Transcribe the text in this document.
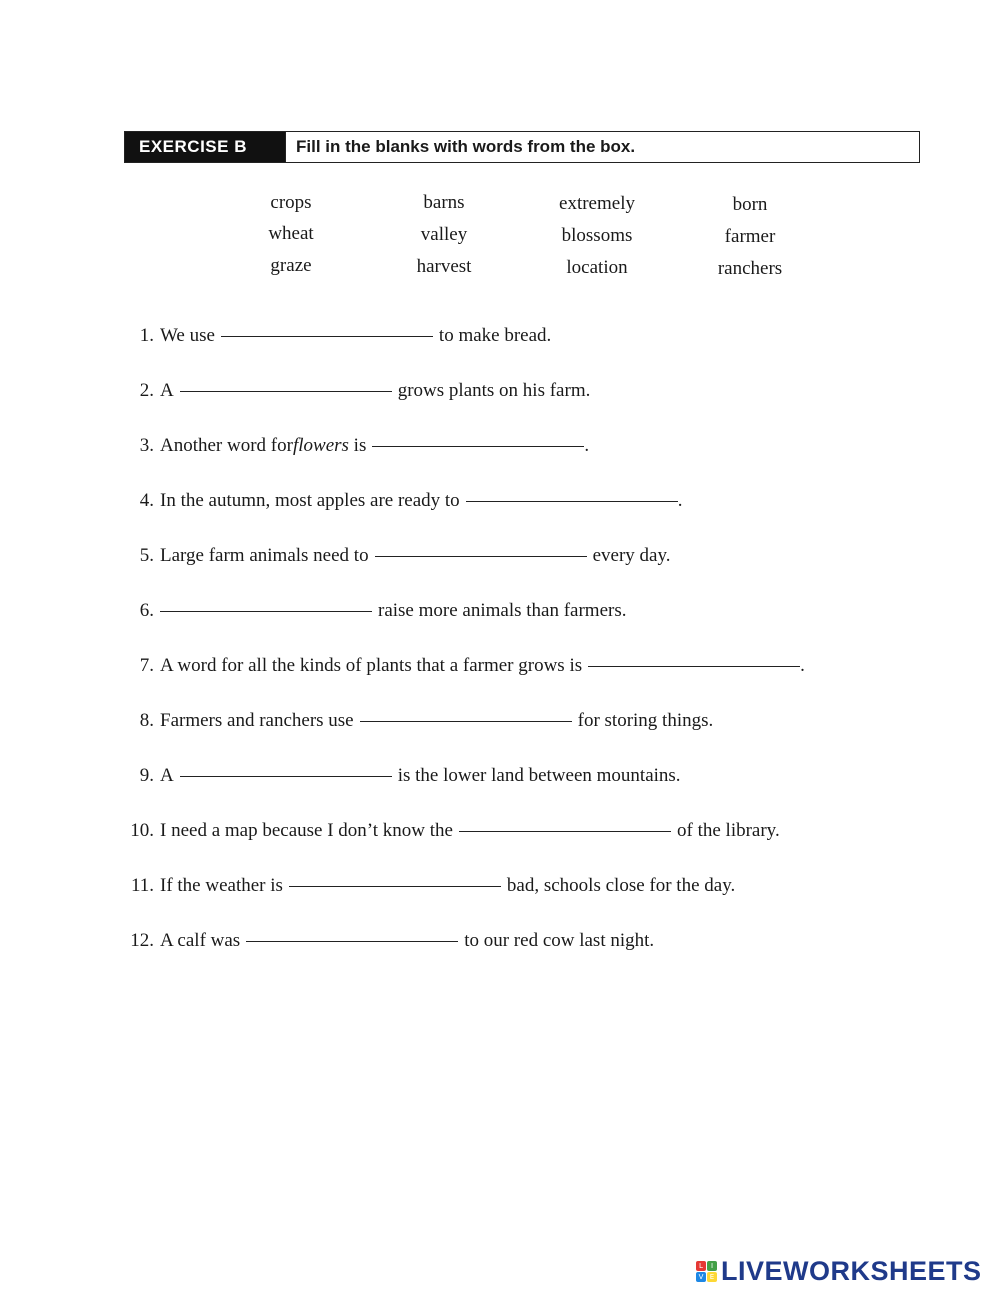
EXERCISE B	Fill in the blanks with words from the box.
crops	barns	extremely	born
wheat	valley	blossoms	farmer
graze	harvest	location	ranchers
1. We use	to make bread.
2. A	grows plants on his farm.
3. Another word for flowers is	.
4. In the autumn, most apples are ready to	.
5. Large farm animals need to	every day.
6.	raise more animals than farmers.
7. A word for all the kinds of plants that a farmer grows is	.
8. Farmers and ranchers use	for storing things.
9. A	is the lower land between mountains.
10. I need a map because I don’t know the	of the library.
11. If the weather is	bad, schools close for the day.
12. A calf was	to our red cow last night.
L	I
V E LIVEWORKSHEETS
